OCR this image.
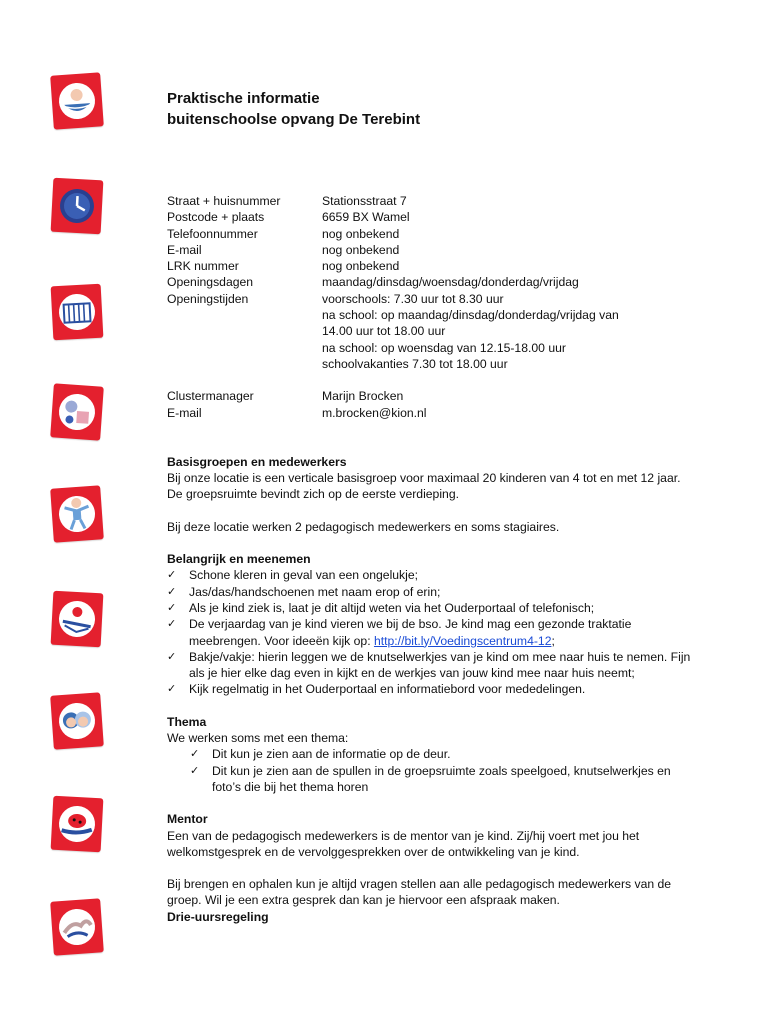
Praktische informatie
buitenschoolse opvang De Terebint
Straat + huisnummer	Stationsstraat 7
Postcode + plaats	6659 BX Wamel
Telefoonnummer	nog onbekend
E-mail	nog onbekend
LRK nummer	nog onbekend
Openingsdagen	maandag/dinsdag/woensdag/donderdag/vrijdag
Openingstijden	voorschools: 7.30 uur tot 8.30 uur
na school: op maandag/dinsdag/donderdag/vrijdag van
14.00 uur tot 18.00 uur
na school: op woensdag van 12.15-18.00 uur
schoolvakanties 7.30 tot 18.00 uur
Clustermanager	Marijn Brocken
E-mail	m.brocken@kion.nl

Basisgroepen en medewerkers

Bij onze locatie is een verticale basisgroep voor maximaal 20 kinderen van 4 tot en met 12 jaar. De groepsruimte bevindt zich op de eerste verdieping.

Bij deze locatie werken 2 pedagogisch medewerkers en soms stagiaires.

Belangrijk en meenemen

✓ Schone kleren in geval van een ongelukje;
✓ Jas/das/handschoenen met naam erop of erin;
✓ Als je kind ziek is, laat je dit altijd weten via het Ouderportaal of telefonisch;
✓ De verjaardag van je kind vieren we bij de bso. Je kind mag een gezonde traktatie meebrengen. Voor ideeën kijk op: http://bit.ly/Voedingscentrum4-12;
✓ Bakje/vakje: hierin leggen we de knutselwerkjes van je kind om mee naar huis te nemen. Fijn als je hier elke dag even in kijkt en de werkjes van jouw kind mee naar huis neemt;
✓ Kijk regelmatig in het Ouderportaal en informatiebord voor mededelingen.

Thema

We werken soms met een thema:

✓ Dit kun je zien aan de informatie op de deur.
✓ Dit kun je zien aan de spullen in de groepsruimte zoals speelgoed, knutselwerkjes en foto’s die bij het thema horen

Mentor

Een van de pedagogisch medewerkers is de mentor van je kind. Zij/hij voert met jou het welkomstgesprek en de vervolggesprekken over de ontwikkeling van je kind.

Bij brengen en ophalen kun je altijd vragen stellen aan alle pedagogisch medewerkers van de groep. Wil je een extra gesprek dan kan je hiervoor een afspraak maken.

Drie-uursregeling
